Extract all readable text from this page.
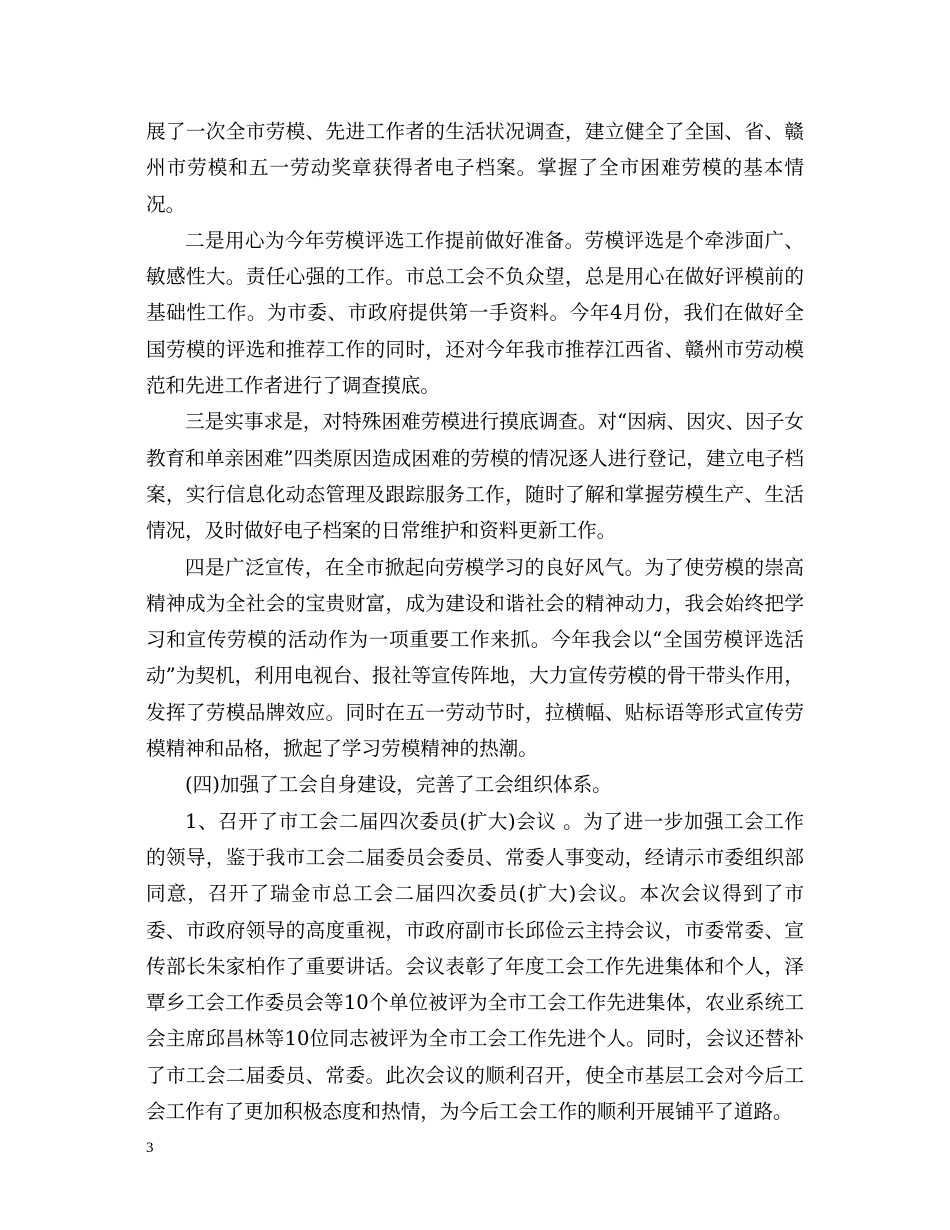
展了一次全市劳模、先进工作者的生活状况调查，建立健全了全国、省、赣州市劳模和五一劳动奖章获得者电子档案。掌握了全市困难劳模的基本情况。

二是用心为今年劳模评选工作提前做好准备。劳模评选是个牵涉面广、敏感性大。责任心强的工作。市总工会不负众望，总是用心在做好评模前的基础性工作。为市委、市政府提供第一手资料。今年4月份，我们在做好全国劳模的评选和推荐工作的同时，还对今年我市推荐江西省、赣州市劳动模范和先进工作者进行了调查摸底。

三是实事求是，对特殊困难劳模进行摸底调查。对“因病、因灾、因子女教育和单亲困难”四类原因造成困难的劳模的情况逐人进行登记，建立电子档案，实行信息化动态管理及跟踪服务工作，随时了解和掌握劳模生产、生活情况，及时做好电子档案的日常维护和资料更新工作。

四是广泛宣传，在全市掀起向劳模学习的良好风气。为了使劳模的崇高精神成为全社会的宝贵财富，成为建设和谐社会的精神动力，我会始终把学习和宣传劳模的活动作为一项重要工作来抓。今年我会以“全国劳模评选活动”为契机，利用电视台、报社等宣传阵地，大力宣传劳模的骨干带头作用，发挥了劳模品牌效应。同时在五一劳动节时，拉横幅、贴标语等形式宣传劳模精神和品格，掀起了学习劳模精神的热潮。

(四)加强了工会自身建设，完善了工会组织体系。

1、召开了市工会二届四次委员(扩大)会议 。为了进一步加强工会工作的领导，鉴于我市工会二届委员会委员、常委人事变动，经请示市委组织部同意，召开了瑞金市总工会二届四次委员(扩大)会议。本次会议得到了市委、市政府领导的高度重视，市政府副市长邱俭云主持会议，市委常委、宣传部长朱家柏作了重要讲话。会议表彰了年度工会工作先进集体和个人，泽覃乡工会工作委员会等10个单位被评为全市工会工作先进集体，农业系统工会主席邱昌林等10位同志被评为全市工会工作先进个人。同时，会议还替补了市工会二届委员、常委。此次会议的顺利召开，使全市基层工会对今后工会工作有了更加积极态度和热情，为今后工会工作的顺利开展铺平了道路。

3
